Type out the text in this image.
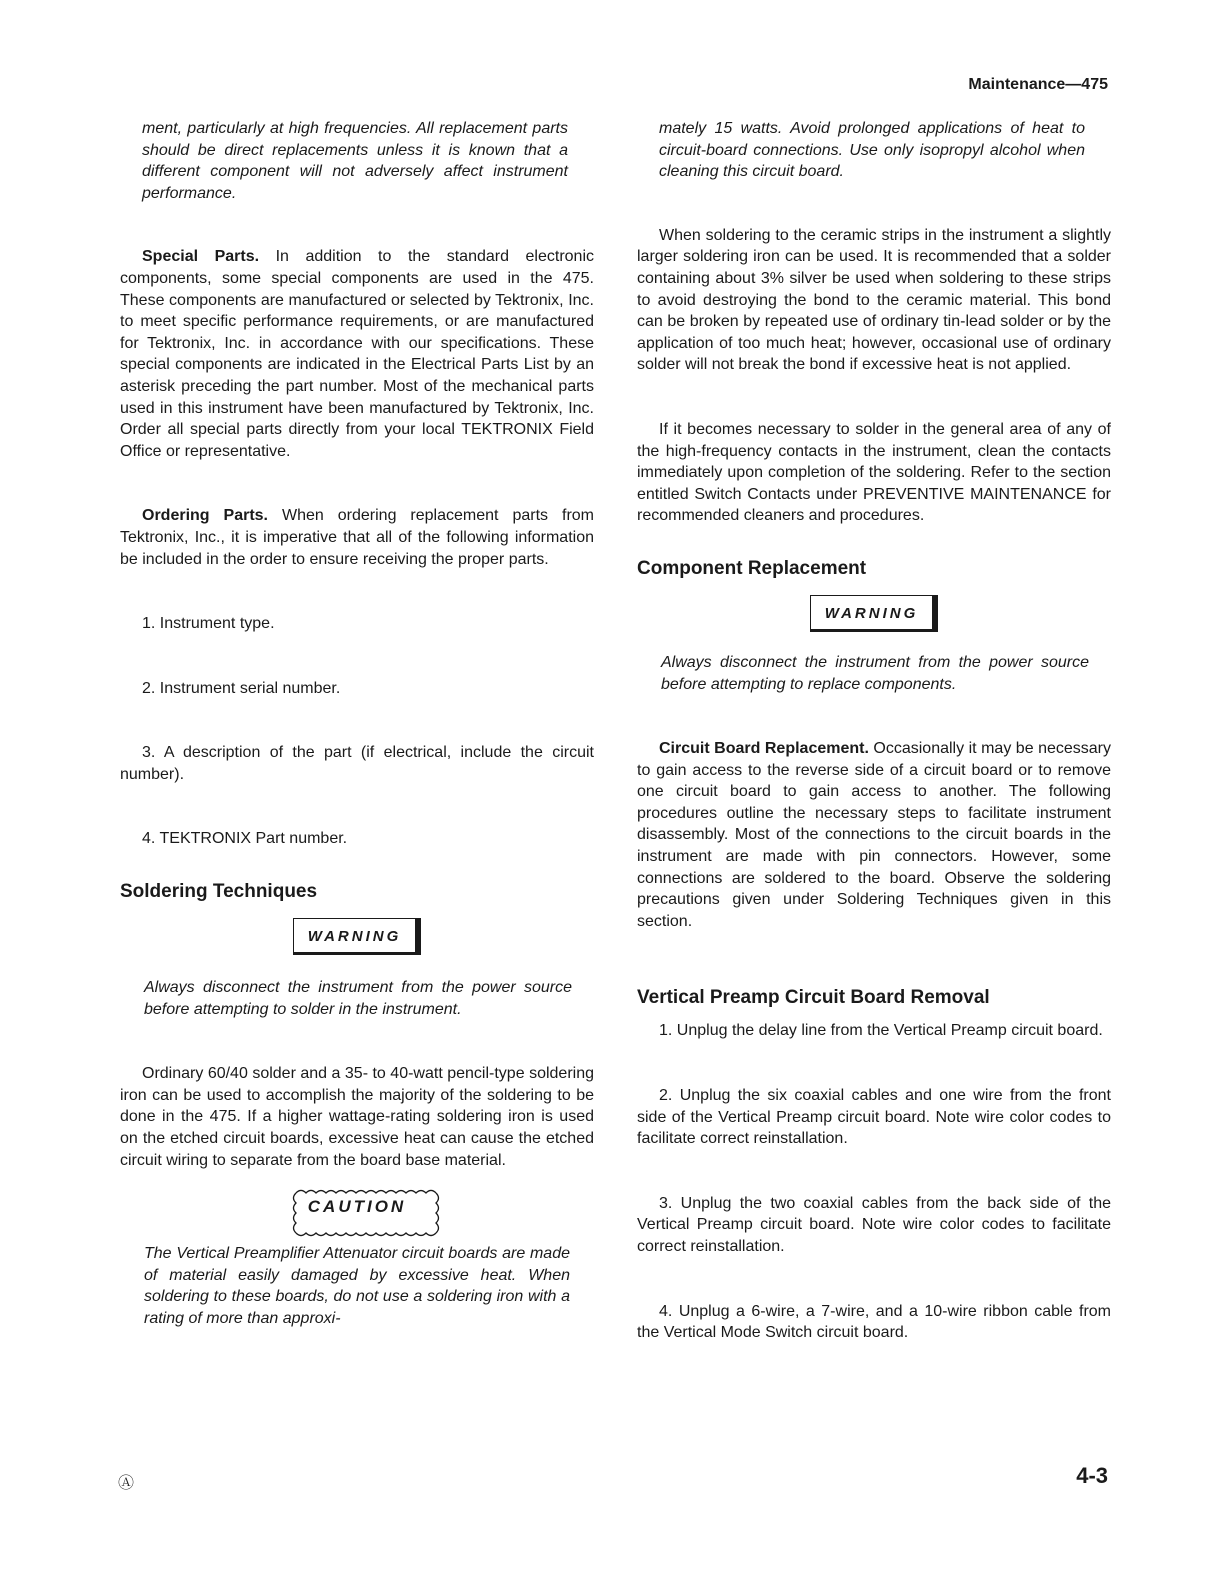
Maintenance—475

ment, particularly at high frequencies. All replacement parts should be direct replacements unless it is known that a different component will not adversely affect instrument performance.

Special Parts. In addition to the standard electronic components, some special components are used in the 475. These components are manufactured or selected by Tektronix, Inc. to meet specific performance requirements, or are manufactured for Tektronix, Inc. in accordance with our specifications. These special components are indicated in the Electrical Parts List by an asterisk preceding the part number. Most of the mechanical parts used in this instrument have been manufactured by Tektronix, Inc. Order all special parts directly from your local TEKTRONIX Field Office or representative.

Ordering Parts. When ordering replacement parts from Tektronix, Inc., it is imperative that all of the following information be included in the order to ensure receiving the proper parts.

1. Instrument type.

2. Instrument serial number.

3. A description of the part (if electrical, include the circuit number).

4. TEKTRONIX Part number.

Soldering Techniques
WARNING

Always disconnect the instrument from the power source before attempting to solder in the instrument.

Ordinary 60/40 solder and a 35- to 40-watt pencil-type soldering iron can be used to accomplish the majority of the soldering to be done in the 475. If a higher wattage-rating soldering iron is used on the etched circuit boards, excessive heat can cause the etched circuit wiring to separate from the board base material.

CAUTION

The Vertical Preamplifier Attenuator circuit boards are made of material easily damaged by excessive heat. When soldering to these boards, do not use a soldering iron with a rating of more than approxi-

mately 15 watts. Avoid prolonged applications of heat to circuit-board connections. Use only isopropyl alcohol when cleaning this circuit board.

When soldering to the ceramic strips in the instrument a slightly larger soldering iron can be used. It is recommended that a solder containing about 3% silver be used when soldering to these strips to avoid destroying the bond to the ceramic material. This bond can be broken by repeated use of ordinary tin-lead solder or by the application of too much heat; however, occasional use of ordinary solder will not break the bond if excessive heat is not applied.

If it becomes necessary to solder in the general area of any of the high-frequency contacts in the instrument, clean the contacts immediately upon completion of the soldering. Refer to the section entitled Switch Contacts under PREVENTIVE MAINTENANCE for recommended cleaners and procedures.

Component Replacement
WARNING

Always disconnect the instrument from the power source before attempting to replace components.

Circuit Board Replacement. Occasionally it may be necessary to gain access to the reverse side of a circuit board or to remove one circuit board to gain access to another. The following procedures outline the necessary steps to facilitate instrument disassembly. Most of the connections to the circuit boards in the instrument are made with pin connectors. However, some connections are soldered to the board. Observe the soldering precautions given under Soldering Techniques given in this section.

Vertical Preamp Circuit Board Removal

1. Unplug the delay line from the Vertical Preamp circuit board.

2. Unplug the six coaxial cables and one wire from the front side of the Vertical Preamp circuit board. Note wire color codes to facilitate correct reinstallation.

3. Unplug the two coaxial cables from the back side of the Vertical Preamp circuit board. Note wire color codes to facilitate correct reinstallation.

4. Unplug a 6-wire, a 7-wire, and a 10-wire ribbon cable from the Vertical Mode Switch circuit board.

Ⓐ	4-3
